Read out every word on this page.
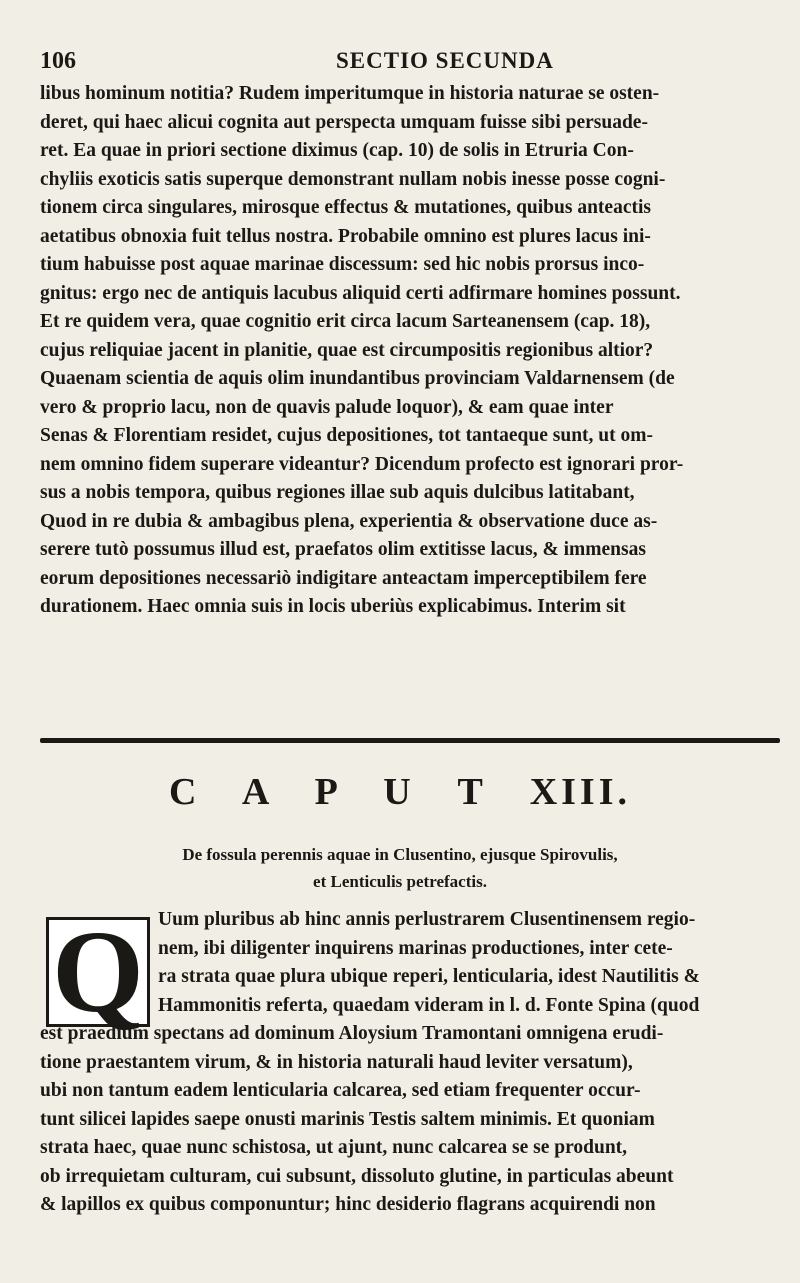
106	SECTIO SECUNDA
libus hominum notitia? Rudem imperitumque in historia naturae se osten-
deret, qui haec alicui cognita aut perspecta umquam fuisse sibi persuade-
ret. Ea quae in priori sectione diximus (cap. 10) de solis in Etruria Con-
chyliis exoticis satis superque demonstrant nullam nobis inesse posse cogni-
tionem circa singulares, mirosque effectus & mutationes, quibus anteactis
aetatibus obnoxia fuit tellus nostra. Probabile omnino est plures lacus ini-
tium habuisse post aquae marinae discessum: sed hic nobis prorsus inco-
gnitus: ergo nec de antiquis lacubus aliquid certi adfirmare homines possunt.
Et re quidem vera, quae cognitio erit circa lacum Sarteanensem (cap. 18),
cujus reliquiae jacent in planitie, quae est circumpositis regionibus altior?
Quaenam scientia de aquis olim inundantibus provinciam Valdarnensem (de
vero & proprio lacu, non de quavis palude loquor), & eam quae inter
Senas & Florentiam residet, cujus depositiones, tot tantaeque sunt, ut om-
nem omnino fidem superare videantur? Dicendum profecto est ignorari pror-
sus a nobis tempora, quibus regiones illae sub aquis dulcibus latitabant,
Quod in re dubia & ambagibus plena, experientia & observatione duce as-
serere tutò possumus illud est, praefatos olim extitisse lacus, & immensas
eorum depositiones necessariò indigitare anteactam imperceptibilem fere
durationem. Haec omnia suis in locis uberiùs explicabimus. Interim sit
C A P U T XIII.
De fossula perennis aquae in Clusentino, ejusque Spirovulis,
et Lenticulis petrefactis.
Q Uum pluribus ab hinc annis perlustrarem Clusentinensem regio-
nem, ibi diligenter inquirens marinas productiones, inter cete-
ra strata quae plura ubique reperi, lenticularia, idest Nautilitis &
Hammonitis referta, quaedam videram in l. d. Fonte Spina (quod
est praedium spectans ad dominum Aloysium Tramontani omnigena erudi-
tione praestantem virum, & in historia naturali haud leviter versatum),
ubi non tantum eadem lenticularia calcarea, sed etiam frequenter occur-
tunt silicei lapides saepe onusti marinis Testis saltem minimis. Et quoniam
strata haec, quae nunc schistosa, ut ajunt, nunc calcarea se se produnt,
ob irrequietam culturam, cui subsunt, dissoluto glutine, in particulas abeunt
& lapillos ex quibus componuntur; hinc desiderio flagrans acquirendi non
